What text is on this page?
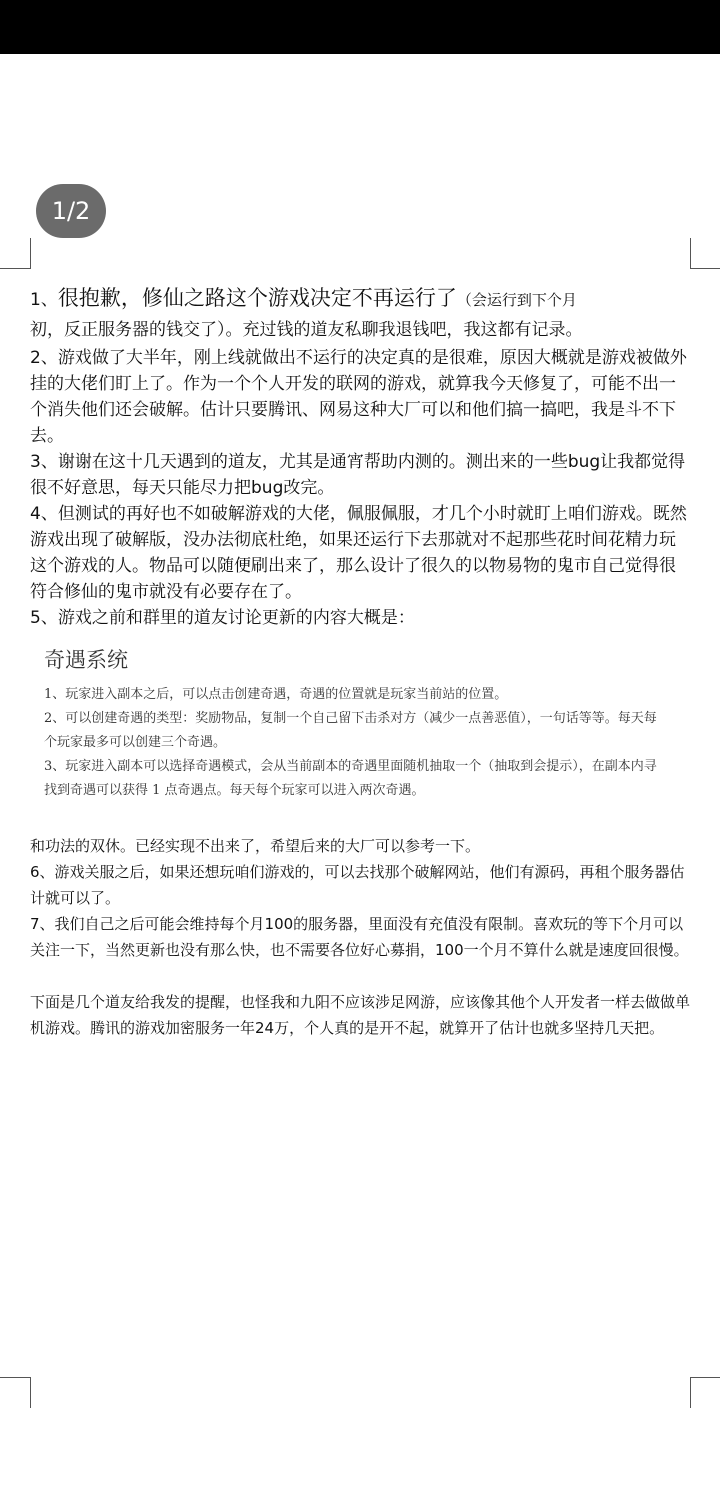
1/2

1、很抱歉，修仙之路这个游戏决定不再运行了（会运行到下个月
初，反正服务器的钱交了）。充过钱的道友私聊我退钱吧，我这都有记录。

2、游戏做了大半年，刚上线就做出不运行的决定真的是很难，原因大概就是游戏被做外挂的大佬们盯上了。作为一个个人开发的联网的游戏，就算我今天修复了，可能不出一个消失他们还会破解。估计只要腾讯、网易这种大厂可以和他们搞一搞吧，我是斗不下去。

3、谢谢在这十几天遇到的道友，尤其是通宵帮助内测的。测出来的一些bug让我都觉得很不好意思，每天只能尽力把bug改完。

4、但测试的再好也不如破解游戏的大佬，佩服佩服，才几个小时就盯上咱们游戏。既然游戏出现了破解版，没办法彻底杜绝，如果还运行下去那就对不起那些花时间花精力玩这个游戏的人。物品可以随便刷出来了，那么设计了很久的以物易物的鬼市自己觉得很符合修仙的鬼市就没有必要存在了。

5、游戏之前和群里的道友讨论更新的内容大概是：

奇遇系统

1、玩家进入副本之后，可以点击创建奇遇，奇遇的位置就是玩家当前站的位置。

2、可以创建奇遇的类型：奖励物品，复制一个自己留下击杀对方（减少一点善恶值），一句话等等。每天每个玩家最多可以创建三个奇遇。

3、玩家进入副本可以选择奇遇模式，会从当前副本的奇遇里面随机抽取一个（抽取到会提示），在副本内寻找到奇遇可以获得 1 点奇遇点。每天每个玩家可以进入两次奇遇。

和功法的双休。已经实现不出来了，希望后来的大厂可以参考一下。

6、游戏关服之后，如果还想玩咱们游戏的，可以去找那个破解网站，他们有源码，再租个服务器估计就可以了。

7、我们自己之后可能会维持每个月100的服务器，里面没有充值没有限制。喜欢玩的等下个月可以关注一下，当然更新也没有那么快，也不需要各位好心募捐，100一个月不算什么就是速度回很慢。

下面是几个道友给我发的提醒，也怪我和九阳不应该涉足网游，应该像其他个人开发者一样去做做单机游戏。腾讯的游戏加密服务一年24万，个人真的是开不起，就算开了估计也就多坚持几天把。
